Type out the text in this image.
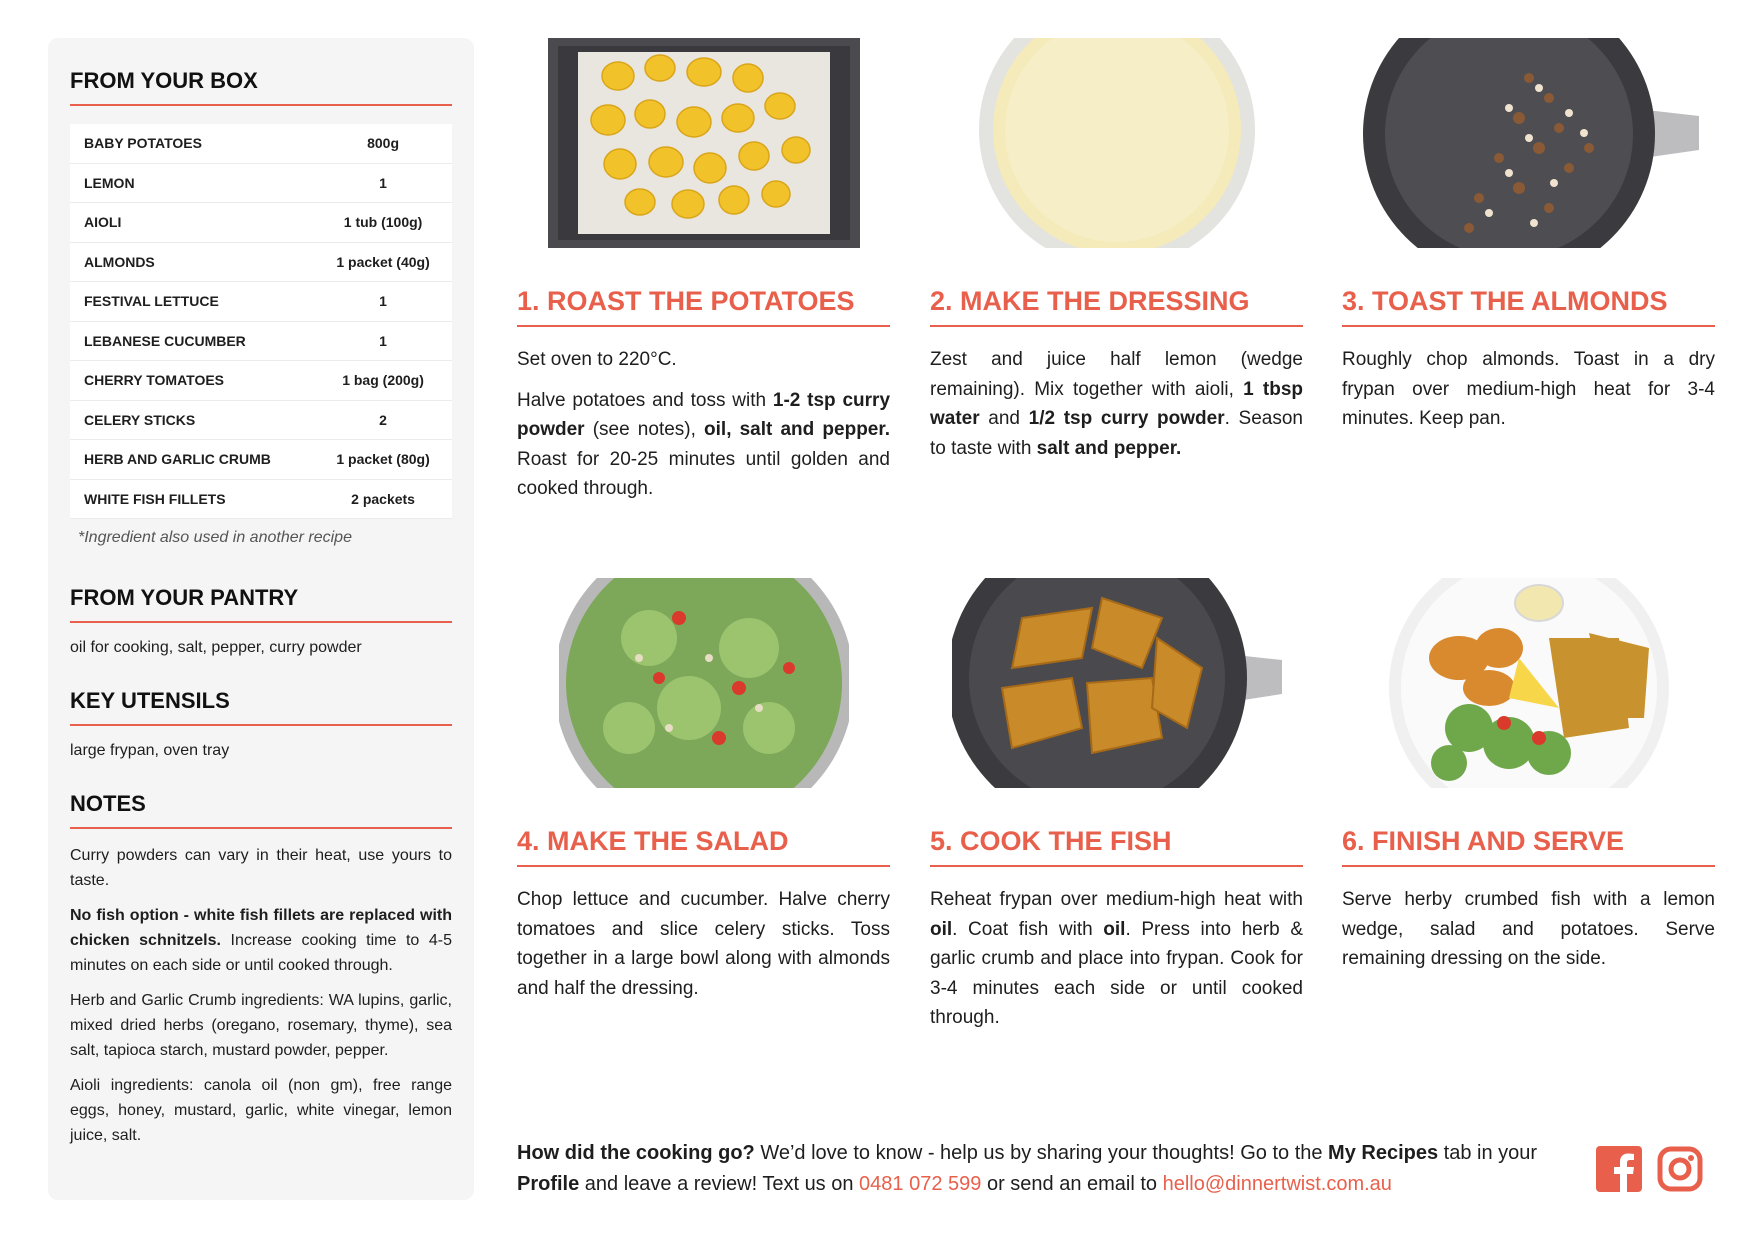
FROM YOUR BOX
BABY POTATOES	800g
LEMON	1
AIOLI	1 tub (100g)
ALMONDS	1 packet (40g)
FESTIVAL LETTUCE	1
LEBANESE CUCUMBER	1
CHERRY TOMATOES	1 bag (200g)
CELERY STICKS	2
HERB AND GARLIC CRUMB	1 packet (80g)
WHITE FISH FILLETS	2 packets
*Ingredient also used in another recipe
FROM YOUR PANTRY

oil for cooking, salt, pepper, curry powder

KEY UTENSILS

large frypan, oven tray

NOTES

Curry powders can vary in their heat, use yours to taste.

No fish option - white fish fillets are replaced with chicken schnitzels. Increase cooking time to 4-5 minutes on each side or until cooked through.

Herb and Garlic Crumb ingredients: WA lupins, garlic, mixed dried herbs (oregano, rosemary, thyme), sea salt, tapioca starch, mustard powder, pepper.

Aioli ingredients: canola oil (non gm), free range eggs, honey, mustard, garlic, white vinegar, lemon juice, salt.

1. ROAST THE POTATOES

Set oven to 220°C.

Halve potatoes and toss with 1-2 tsp curry powder (see notes), oil, salt and pepper. Roast for 20-25 minutes until golden and cooked through.

2. MAKE THE DRESSING

Zest and juice half lemon (wedge remaining). Mix together with aioli, 1 tbsp water and 1/2 tsp curry powder. Season to taste with salt and pepper.

3. TOAST THE ALMONDS

Roughly chop almonds. Toast in a dry frypan over medium-high heat for 3-4 minutes. Keep pan.

4. MAKE THE SALAD

Chop lettuce and cucumber. Halve cherry tomatoes and slice celery sticks. Toss together in a large bowl along with almonds and half the dressing.

5. COOK THE FISH

Reheat frypan over medium-high heat with oil. Coat fish with oil. Press into herb & garlic crumb and place into frypan. Cook for 3-4 minutes each side or until cooked through.

6. FINISH AND SERVE

Serve herby crumbed fish with a lemon wedge, salad and potatoes. Serve remaining dressing on the side.

How did the cooking go? We’d love to know - help us by sharing your thoughts! Go to the My Recipes tab in your Profile and leave a review! Text us on 0481 072 599 or send an email to hello@dinnertwist.com.au
